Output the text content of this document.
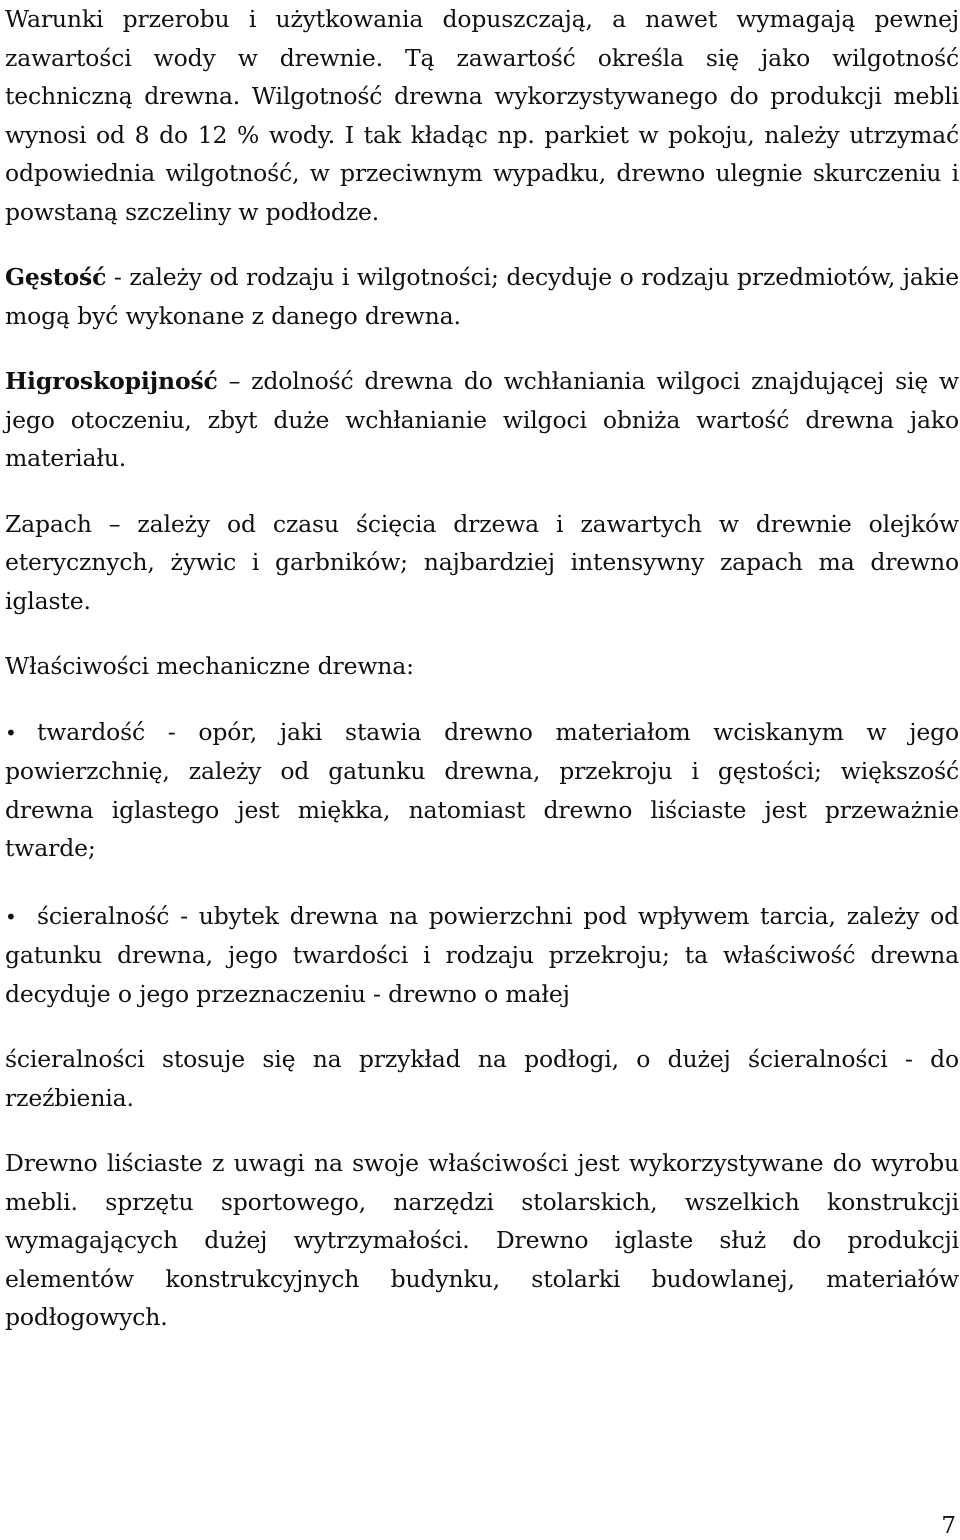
Warunki przerobu i użytkowania dopuszczają, a nawet wymagają pewnej zawartości wody w drewnie. Tą zawartość określa się jako wilgotność techniczną drewna. Wilgotność drewna wykorzystywanego do produkcji mebli wynosi od 8 do 12 % wody. I tak kładąc np. parkiet w pokoju, należy utrzymać odpowiednia wilgotność, w przeciwnym wypadku, drewno ulegnie skurczeniu i powstaną szczeliny w podłodze.

Gęstość - zależy od rodzaju i wilgotności; decyduje o rodzaju przedmiotów, jakie mogą być wykonane z danego drewna.

Higroskopijność – zdolność drewna do wchłaniania wilgoci znajdującej się w jego otoczeniu, zbyt duże wchłanianie wilgoci obniża wartość drewna jako materiału.

Zapach – zależy od czasu ścięcia drzewa i zawartych w drewnie olejków eterycznych, żywic i garbników; najbardziej intensywny zapach ma drewno iglaste.

Właściwości mechaniczne drewna:

• twardość - opór, jaki stawia drewno materiałom wciskanym w jego powierzchnię, zależy od gatunku drewna, przekroju i gęstości; większość drewna iglastego jest miękka, natomiast drewno liściaste jest przeważnie twarde;

• ścieralność - ubytek drewna na powierzchni pod wpływem tarcia, zależy od gatunku drewna, jego twardości i rodzaju przekroju; ta właściwość drewna decyduje o jego przeznaczeniu - drewno o małej

ścieralności stosuje się na przykład na podłogi, o dużej ścieralności - do rzeźbienia.

Drewno liściaste z uwagi na swoje właściwości jest wykorzystywane do wyrobu mebli. sprzętu sportowego, narzędzi stolarskich, wszelkich konstrukcji wymagających dużej wytrzymałości. Drewno iglaste służ do produkcji elementów konstrukcyjnych budynku, stolarki budowlanej, materiałów podłogowych.

7
